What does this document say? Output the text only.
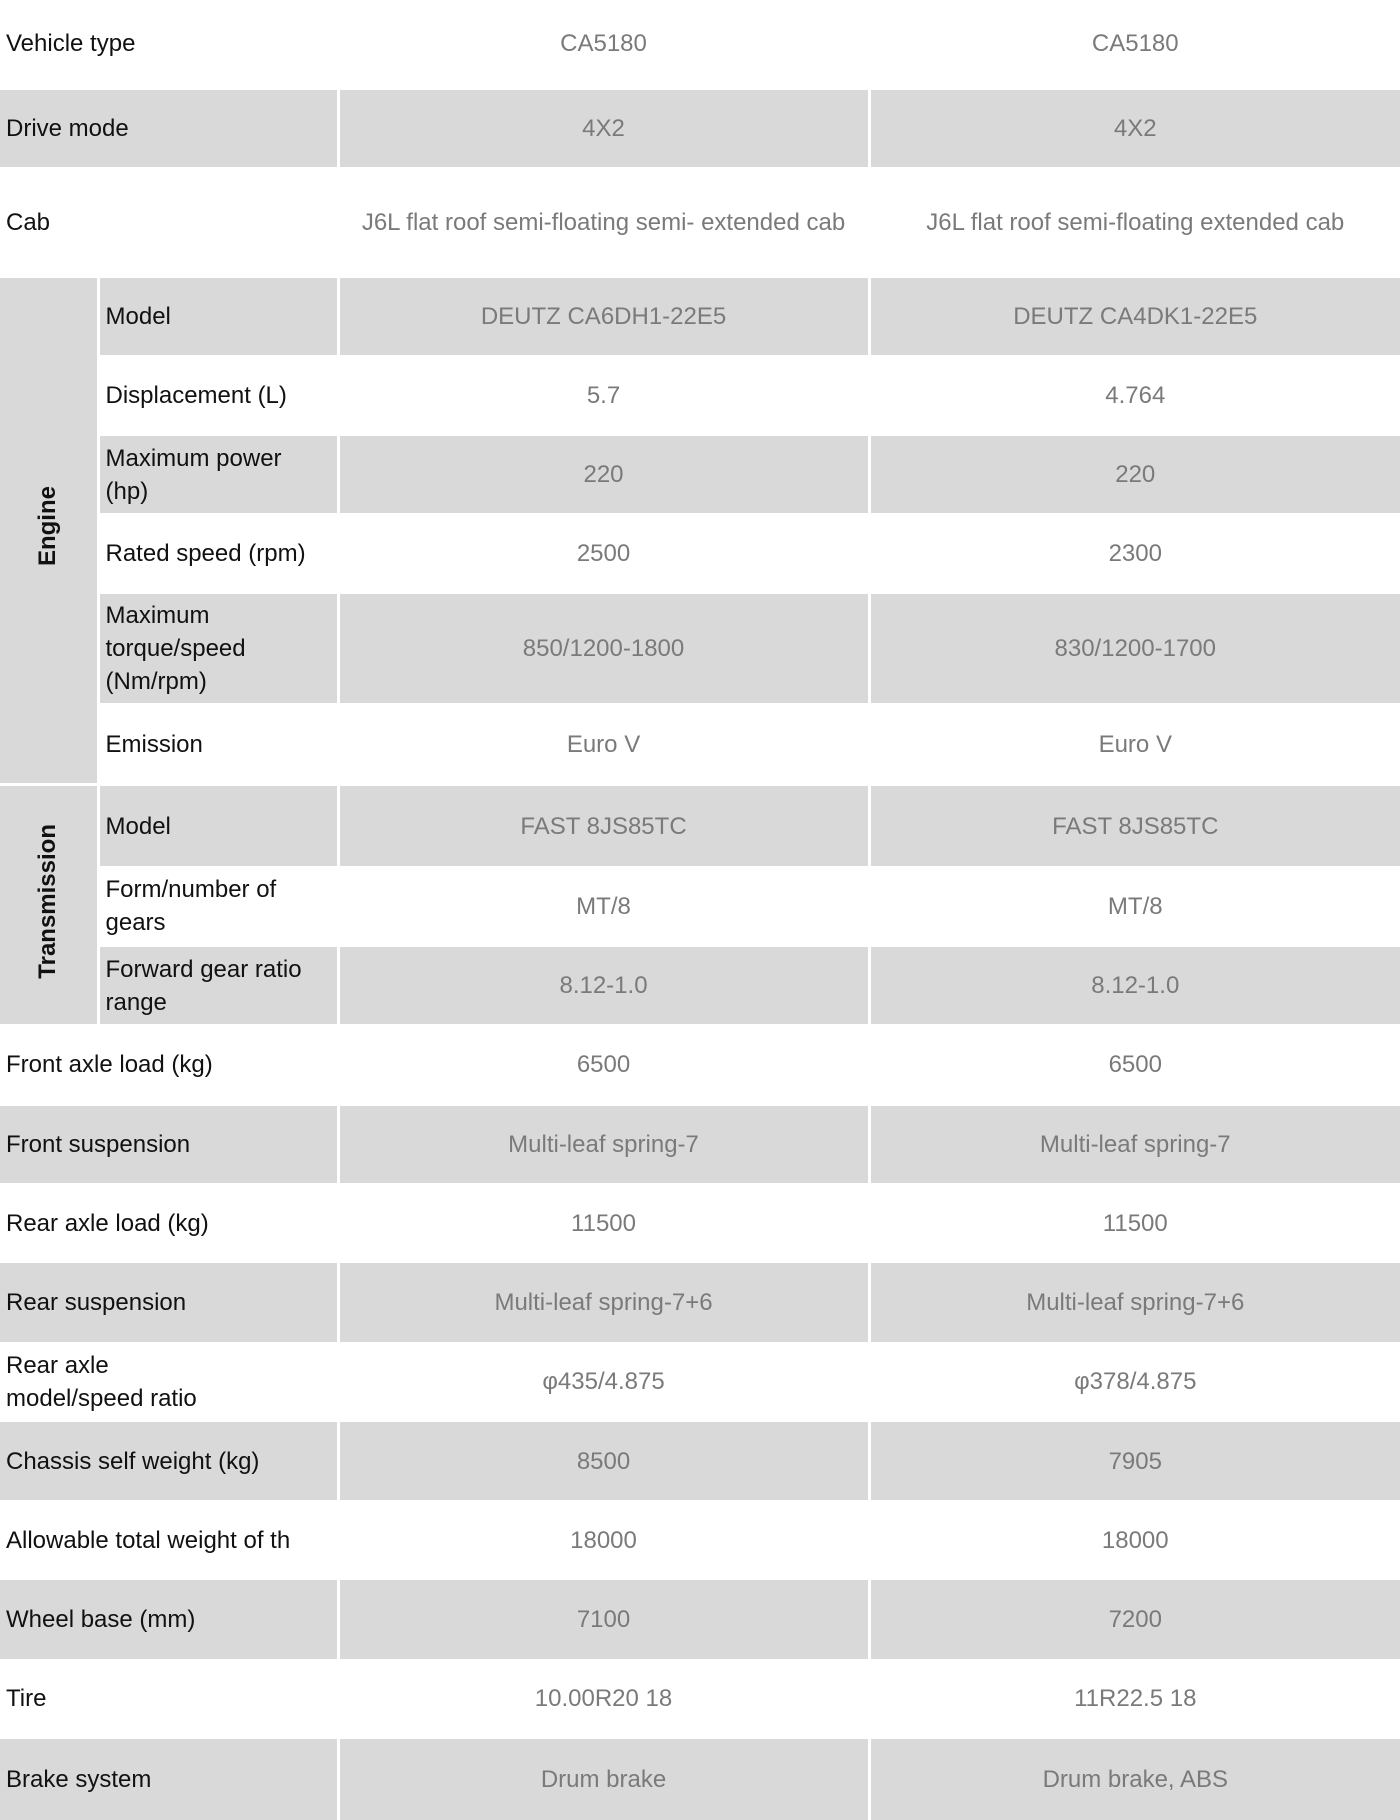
Vehicle type		CA5180	CA5180
Drive mode		4X2	4X2
Cab		J6L flat roof semi-floating semi- extended cab	J6L flat roof semi-floating extended cab
Engine	Model	DEUTZ CA6DH1-22E5	DEUTZ CA4DK1-22E5
	Displacement (L)	5.7	4.764
	Maximum power (hp)	220	220
	Rated speed (rpm)	2500	2300
	Maximum torque/speed (Nm/rpm)	850/1200-1800	830/1200-1700
	Emission	Euro V	Euro V
Transmission	Model	FAST 8JS85TC	FAST 8JS85TC
	Form/number of gears	MT/8	MT/8
	Forward gear ratio range	8.12-1.0	8.12-1.0
Front axle load (kg)		6500	6500
Front suspension		Multi-leaf spring-7	Multi-leaf spring-7
Rear axle load (kg)		11500	11500
Rear suspension		Multi-leaf spring-7+6	Multi-leaf spring-7+6
Rear axle model/speed ratio		φ435/4.875	φ378/4.875
Chassis self weight (kg)		8500	7905
Allowable total weight of th		18000	18000
Wheel base (mm)		7100	7200
Tire		10.00R20 18	11R22.5 18
Brake system		Drum brake	Drum brake, ABS
